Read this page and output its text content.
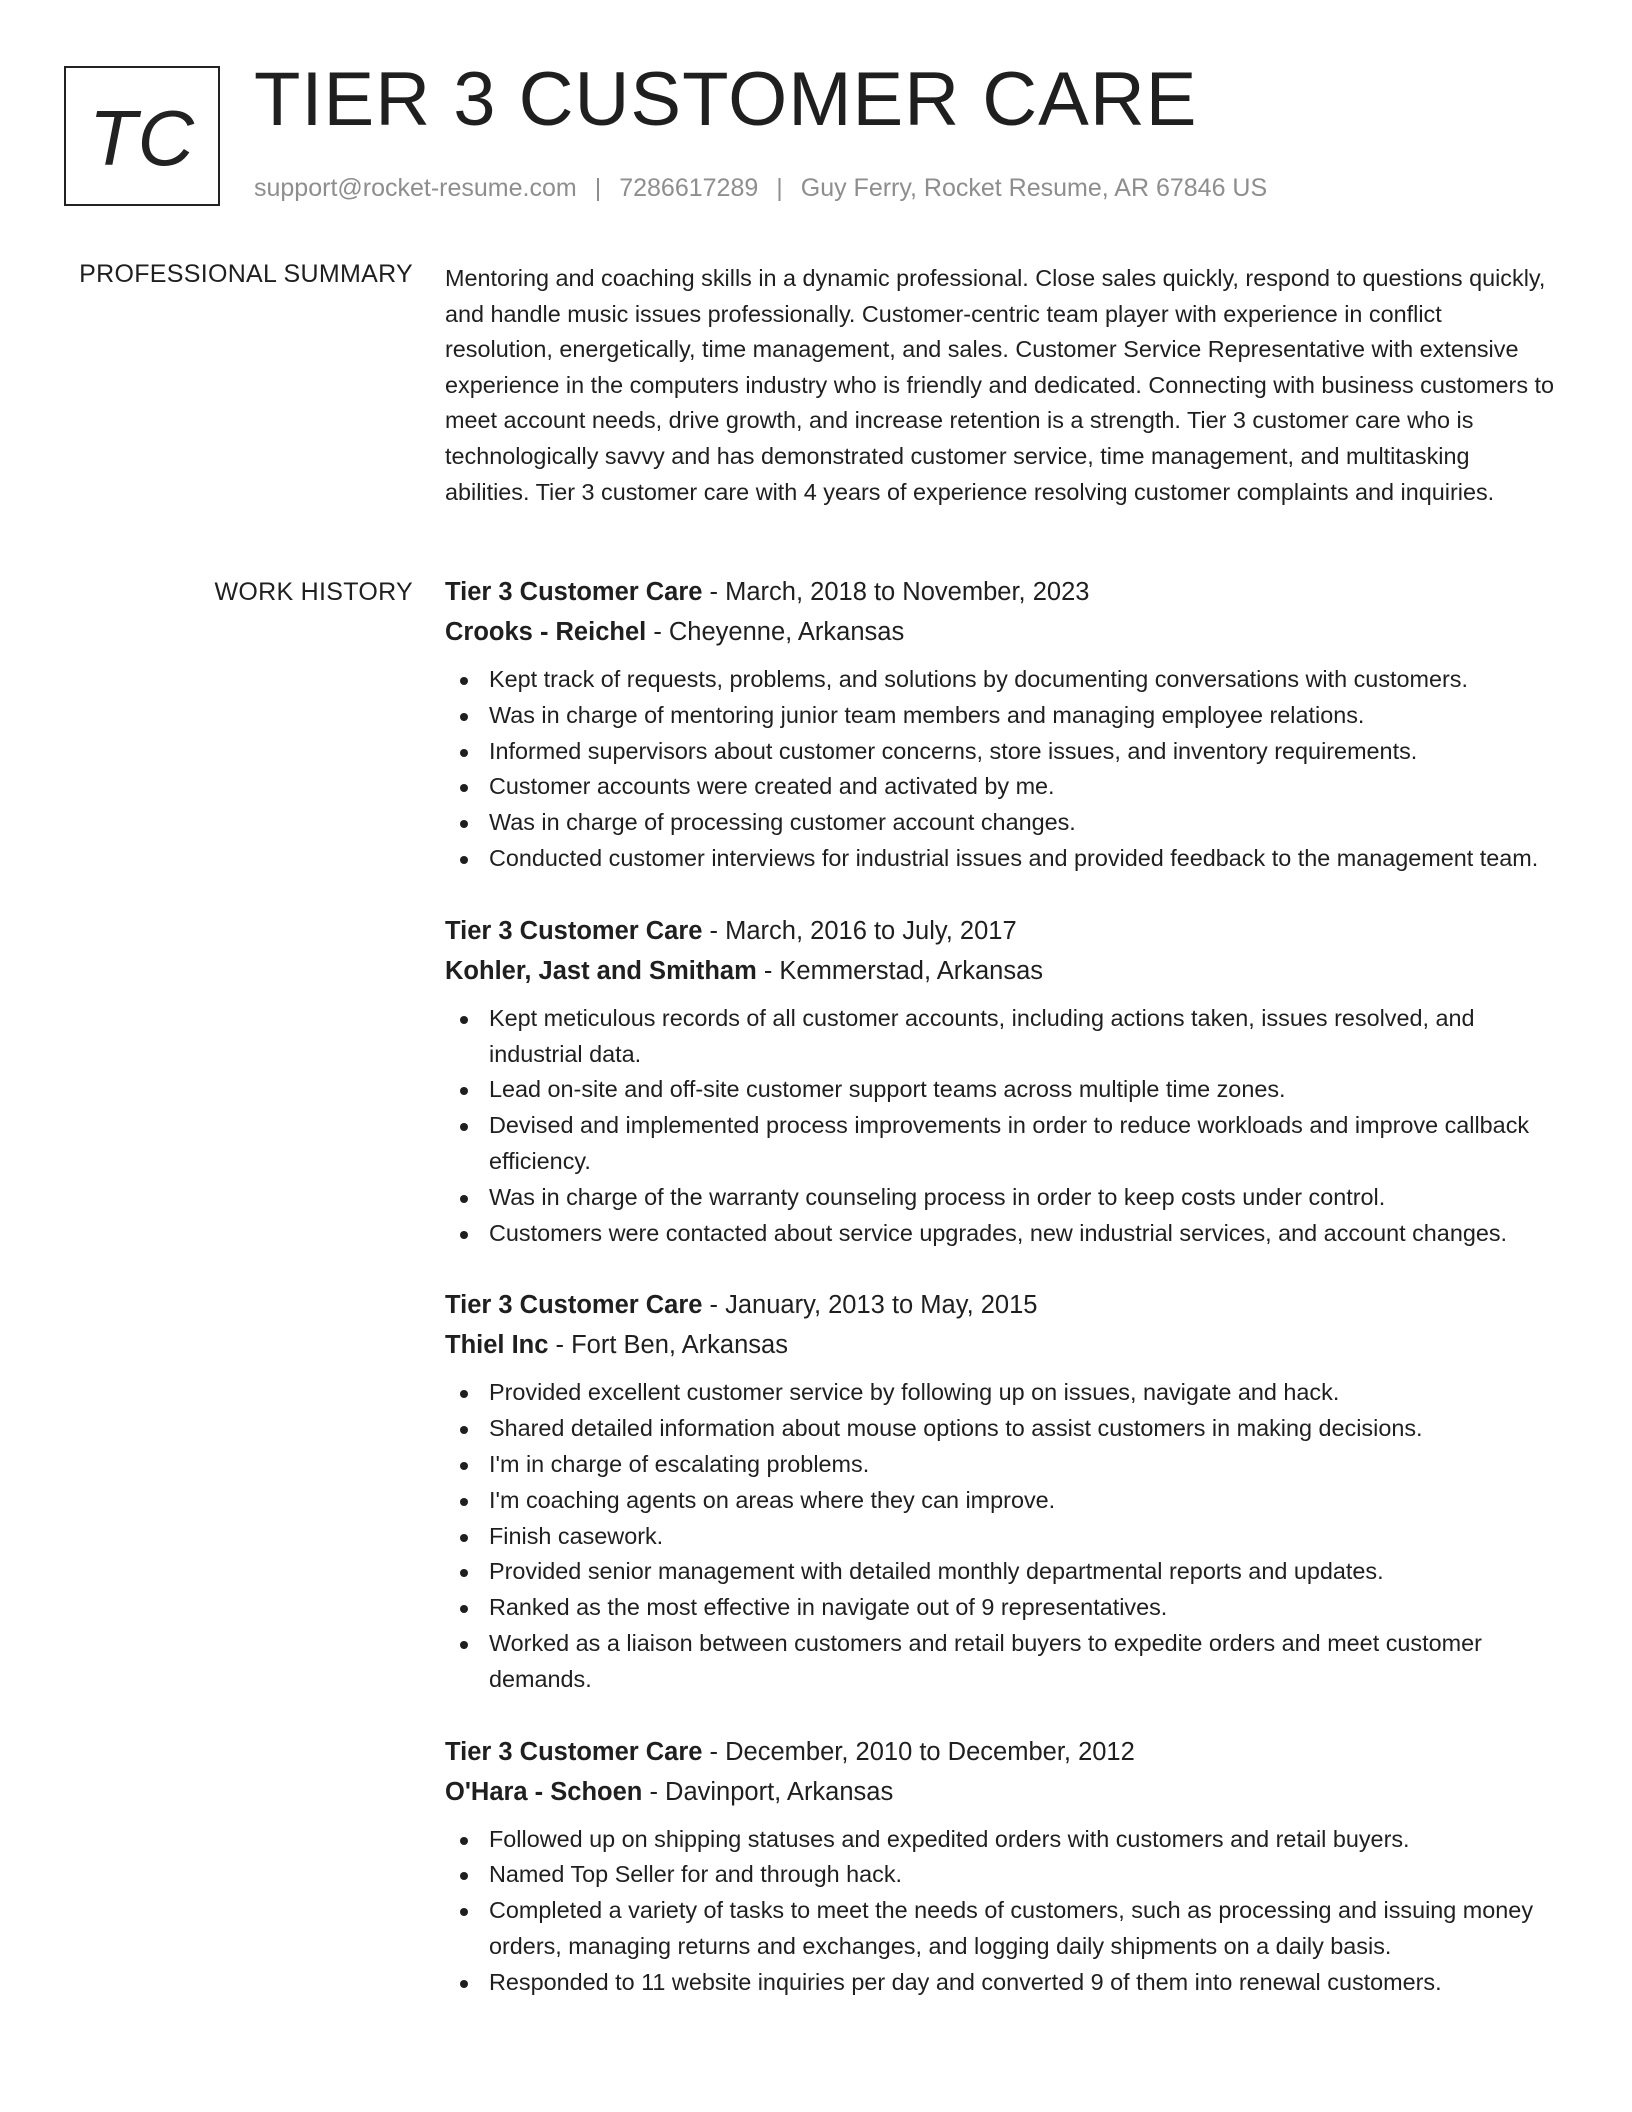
TC TIER 3 CUSTOMER CARE
support@rocket-resume.com | 7286617289 | Guy Ferry, Rocket Resume, AR 67846 US
PROFESSIONAL SUMMARY Mentoring and coaching skills in a dynamic professional. Close sales quickly, respond to questions quickly, and handle music issues professionally. Customer-centric team player with experience in conflict resolution, energetically, time management, and sales. Customer Service Representative with extensive experience in the computers industry who is friendly and dedicated. Connecting with business customers to meet account needs, drive growth, and increase retention is a strength. Tier 3 customer care who is technologically savvy and has demonstrated customer service, time management, and multitasking abilities. Tier 3 customer care with 4 years of experience resolving customer complaints and inquiries.

WORK HISTORY Tier 3 Customer Care - March, 2018 to November, 2023
Crooks - Reichel - Cheyenne, Arkansas
Kept track of requests, problems, and solutions by documenting conversations with customers.
Was in charge of mentoring junior team members and managing employee relations.
Informed supervisors about customer concerns, store issues, and inventory requirements.
Customer accounts were created and activated by me.
Was in charge of processing customer account changes.
Conducted customer interviews for industrial issues and provided feedback to the management team.
Tier 3 Customer Care - March, 2016 to July, 2017
Kohler, Jast and Smitham - Kemmerstad, Arkansas
Kept meticulous records of all customer accounts, including actions taken, issues resolved, and industrial data.
Lead on-site and off-site customer support teams across multiple time zones.
Devised and implemented process improvements in order to reduce workloads and improve callback efficiency.
Was in charge of the warranty counseling process in order to keep costs under control.
Customers were contacted about service upgrades, new industrial services, and account changes.
Tier 3 Customer Care - January, 2013 to May, 2015
Thiel Inc - Fort Ben, Arkansas
Provided excellent customer service by following up on issues, navigate and hack.
Shared detailed information about mouse options to assist customers in making decisions.
I'm in charge of escalating problems.
I'm coaching agents on areas where they can improve.
Finish casework.
Provided senior management with detailed monthly departmental reports and updates.
Ranked as the most effective in navigate out of 9 representatives.
Worked as a liaison between customers and retail buyers to expedite orders and meet customer demands.
Tier 3 Customer Care - December, 2010 to December, 2012
O'Hara - Schoen - Davinport, Arkansas
Followed up on shipping statuses and expedited orders with customers and retail buyers.
Named Top Seller for and through hack.
Completed a variety of tasks to meet the needs of customers, such as processing and issuing money orders, managing returns and exchanges, and logging daily shipments on a daily basis.
Responded to 11 website inquiries per day and converted 9 of them into renewal customers.
